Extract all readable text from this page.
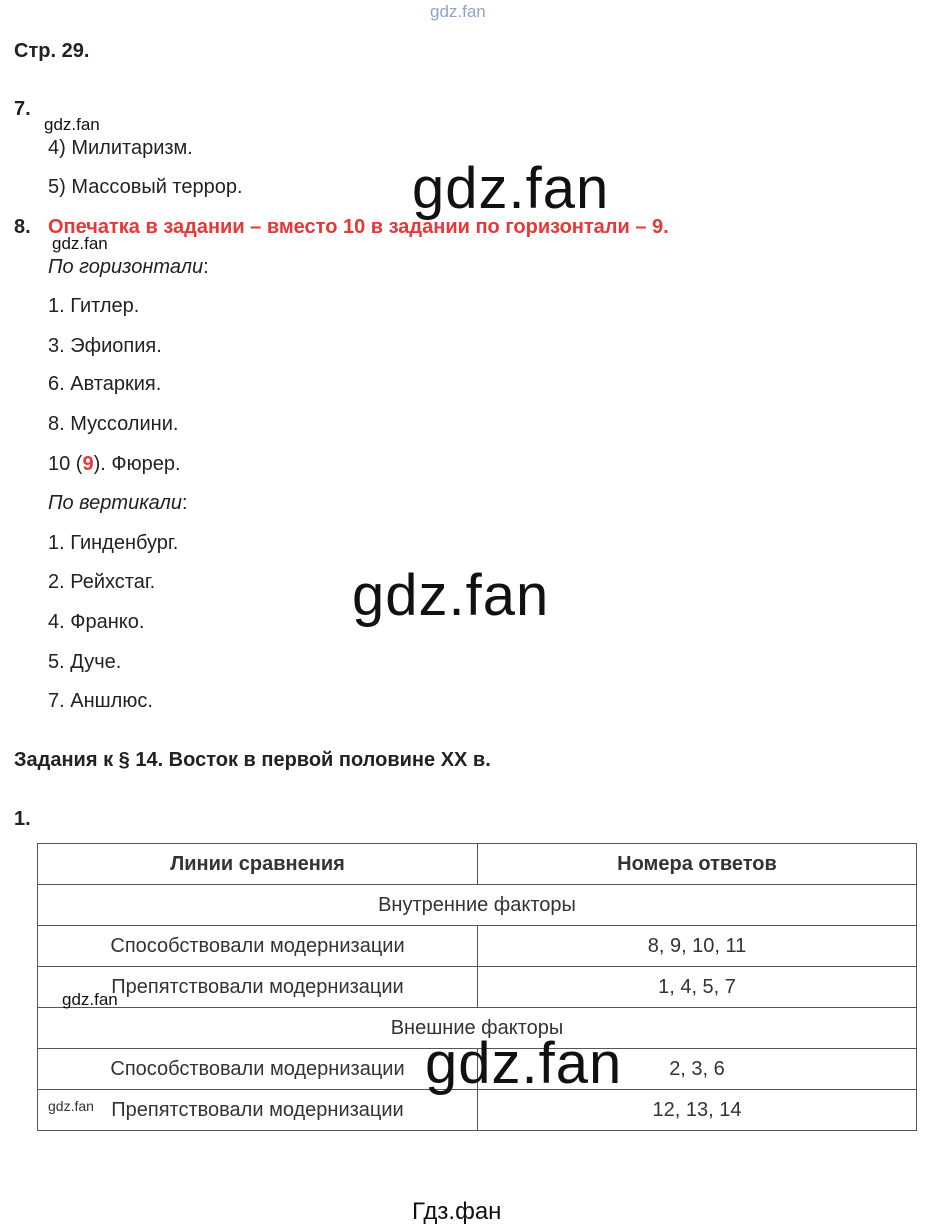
gdz.fan
Стр. 29.
7.
gdz.fan
4) Милитаризм.
5) Массовый террор.	gdz.fan
8. Опечатка в задании – вместо 10 в задании по горизонтали – 9.
gdz.fan
По горизонтали:
1. Гитлер.
3. Эфиопия.
6. Автаркия.
8. Муссолини.
10 (9). Фюрер.
По вертикали:
1. Гинденбург.
2. Рейхстаг.
4. Франко.
5. Дуче.
7. Аншлюс.
gdz.fan
Задания к § 14. Восток в первой половине XX в.
1.
Линии сравнения	Номера ответов
Внутренние факторы	
Способствовали модернизации	8, 9, 10, 11
Препятствовали модернизации	1, 4, 5, 7
Внешние факторы	
Способствовали модернизации	2, 3, 6
Препятствовали модернизации	12, 13, 14
gdz.fan
gdz.fan
gdz.fan
Гдз.фан
